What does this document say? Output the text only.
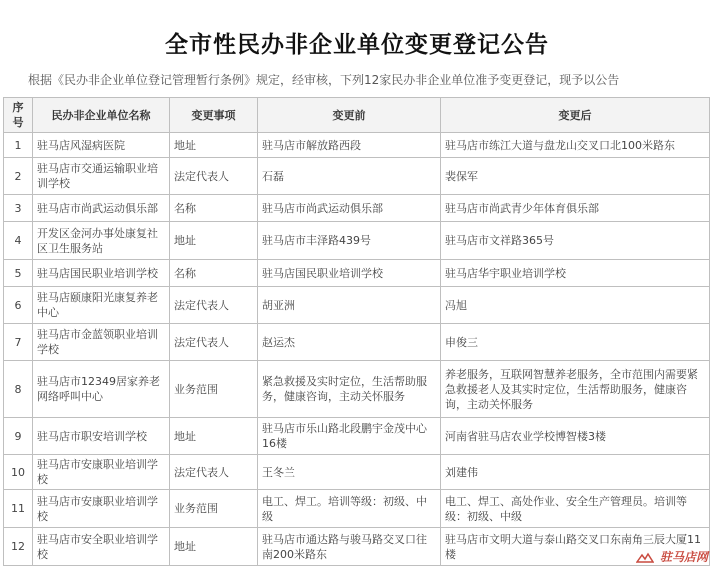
全市性民办非企业单位变更登记公告
根据《民办非企业单位登记管理暂行条例》规定，经审核，下列12家民办非企业单位准予变更登记，现予以公告
序号	民办非企业单位名称	变更事项	变更前	变更后
1	驻马店风湿病医院	地址	驻马店市解放路西段	驻马店市练江大道与盘龙山交叉口北100米路东
2	驻马店市交通运输职业培训学校	法定代表人	石磊	裴保军
3	驻马店市尚武运动俱乐部	名称	驻马店市尚武运动俱乐部	驻马店市尚武青少年体育俱乐部
4	开发区金河办事处康复社区卫生服务站	地址	驻马店市丰泽路439号	驻马店市文祥路365号
5	驻马店国民职业培训学校	名称	驻马店国民职业培训学校	驻马店华宇职业培训学校
6	驻马店颐康阳光康复养老中心	法定代表人	胡亚洲	冯旭
7	驻马店市金蓝领职业培训学校	法定代表人	赵运杰	申俊三
8	驻马店市12349居家养老网络呼叫中心	业务范围	紧急救援及实时定位，生活帮助服务，健康咨询，主动关怀服务	养老服务，互联网智慧养老服务，全市范围内需要紧急救援老人及其实时定位，生活帮助服务，健康咨询，主动关怀服务
9	驻马店市职安培训学校	地址	驻马店市乐山路北段鹏宇金茂中心16楼	河南省驻马店农业学校博智楼3楼
10	驻马店市安康职业培训学校	法定代表人	王冬兰	刘建伟
11	驻马店市安康职业培训学校	业务范围	电工、焊工。培训等级：初级、中级	电工、焊工、高处作业、安全生产管理员。培训等级：初级、中级
12	驻马店市安全职业培训学校	地址	驻马店市通达路与骏马路交叉口往南200米路东	驻马店市文明大道与泰山路交叉口东南角三辰大厦11楼	驻马店网
